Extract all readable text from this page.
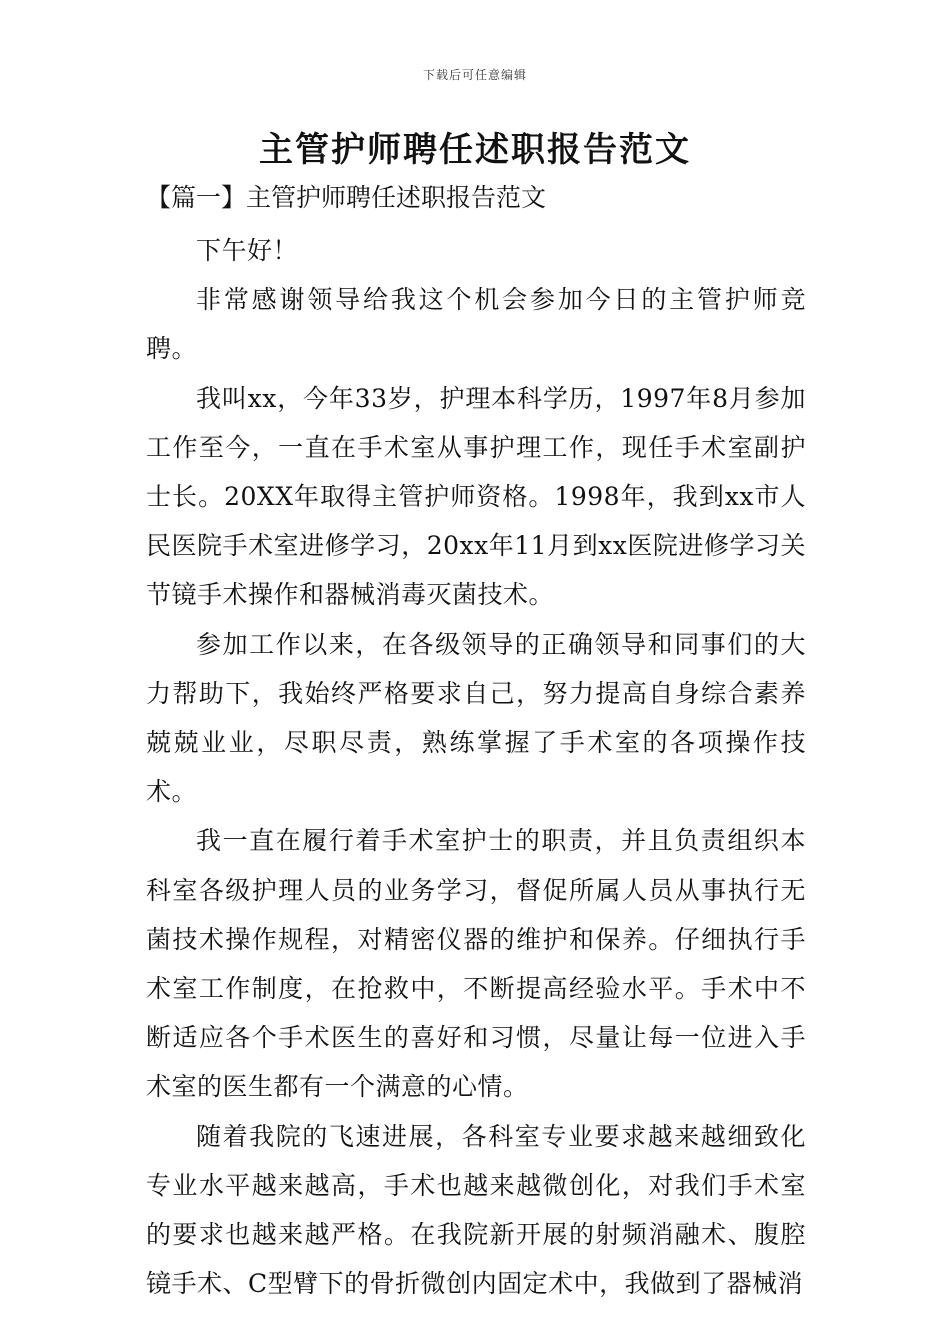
下载后可任意编辑
主管护师聘任述职报告范文
【篇一】主管护师聘任述职报告范文

下午好！

非常感谢领导给我这个机会参加今日的主管护师竞聘。

我叫xx，今年33岁，护理本科学历，1997年8月参加工作至今，一直在手术室从事护理工作，现任手术室副护士长。20XX年取得主管护师资格。1998年，我到xx市人民医院手术室进修学习，20xx年11月到xx医院进修学习关节镜手术操作和器械消毒灭菌技术。

参加工作以来，在各级领导的正确领导和同事们的大力帮助下，我始终严格要求自己，努力提高自身综合素养兢兢业业，尽职尽责，熟练掌握了手术室的各项操作技术。

我一直在履行着手术室护士的职责，并且负责组织本科室各级护理人员的业务学习，督促所属人员从事执行无菌技术操作规程，对精密仪器的维护和保养。仔细执行手术室工作制度，在抢救中，不断提高经验水平。手术中不断适应各个手术医生的喜好和习惯，尽量让每一位进入手术室的医生都有一个满意的心情。

随着我院的飞速进展，各科室专业要求越来越细致化专业水平越来越高，手术也越来越微创化，对我们手术室的要求也越来越严格。在我院新开展的射频消融术、腹腔镜手术、C型臂下的骨折微创内固定术中，我做到了器械消
